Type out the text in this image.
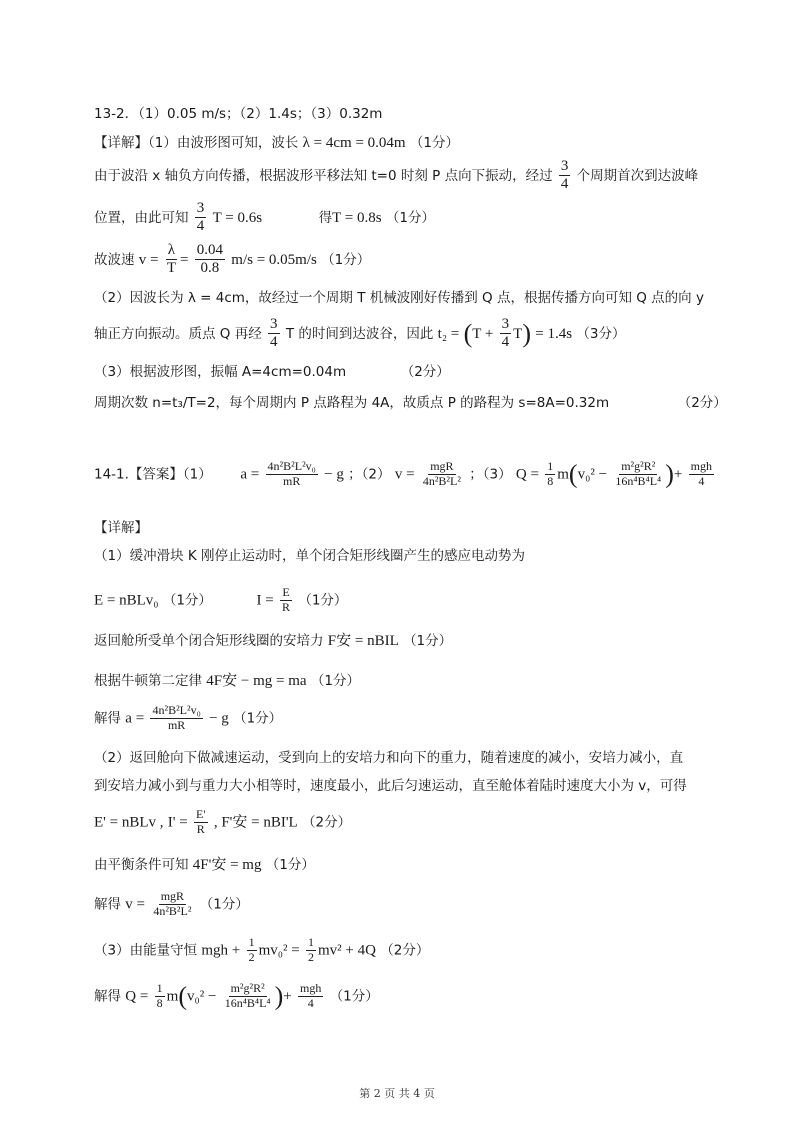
13-2．（1）0.05 m/s；（2）1.4s；（3）0.32m
【详解】（1）由波形图可知，波长 λ = 4cm = 0.04m （1分）
由于波沿 x 轴负方向传播，根据波形平移法知 t=0 时刻 P 点向下振动，经过 $\frac{3}{4}$ 个周期首次到达波峰
位置，由此可知 $\frac{3}{4}$ T = 0.6s	得T = 0.8s （1分）
故波速 $v = \frac{\lambda}{T} = \frac{0.04}{0.8} m/s = 0.05m/s$ （1分）
（2）因波长为 λ = 4cm，故经过一个周期 T 机械波刚好传播到 Q 点，根据传播方向可知 Q 点的向 y
轴正方向振动。质点 Q 再经 $\frac{3}{4}$ T 的时间到达波谷，因此 $t_2 = (T + \frac{3}{4} T) = 1.4s$ （3分）
（3）根据波形图，振幅 A=4cm=0.04m	（2分）
周期次数 n=t₃/T=2，每个周期内 P 点路程为 4A，故质点 P 的路程为 s=8A=0.32m	（2分）
14-1.【答案】（1） $a = \frac{\text{4n²B²L²v₀}}{mR} - g$ ；（2） $v = \frac{\text{mgR}}{\text{4n²B²L²}}$ ；（3） $Q = \frac{1}{8} m(v_0^2 - \frac{\text{m²g²R²}}{\text{16n⁴B⁴L⁴}}$ )+ $\frac{\text{mgh}}{4}$
【详解】
（1）缓冲滑块 K 刚停止运动时，单个闭合矩形线圈产生的感应电动势为
E = nBLv₀ （1分）	$I = \frac{E}{R} (1$分）
返回舱所受单个闭合矩形线圈的安培力 F安 = nBIL （1分）
根据牛顿第二定律 4F安 − mg = ma （1分）
解得 $a = \frac{\text{4n²B²L²v₀}}{mR} - g$ （1分）
（2）返回舱向下做减速运动，受到向上的安培力和向下的重力，随着速度的减小，安培力减小，直
到安培力减小到与重力大小相等时，速度最小，此后匀速运动，直至舱体着陆时速度大小为 v，可得
E' = nBLv , $I' = \frac{E'}{R}$ , F'安 = nBI'L （2分）
由平衡条件可知 4F'安 = mg （1分）
解得 $v = \frac{\text{mgR}}{\text{4n²B²L²}} (1$分）
（3）由能量守恒 mgh + $\frac{1}{2} mv_0^2 = \frac{1}{2} mv^2 + 4Q$ （2分）
解得 $Q = \frac{1}{8} m(v_0^2 - \frac{\text{m²g²R²}}{\text{16n⁴B⁴L⁴}}$ )+ $\frac{\text{mgh}}{4} (1$分）
第 2 页 共 4 页
